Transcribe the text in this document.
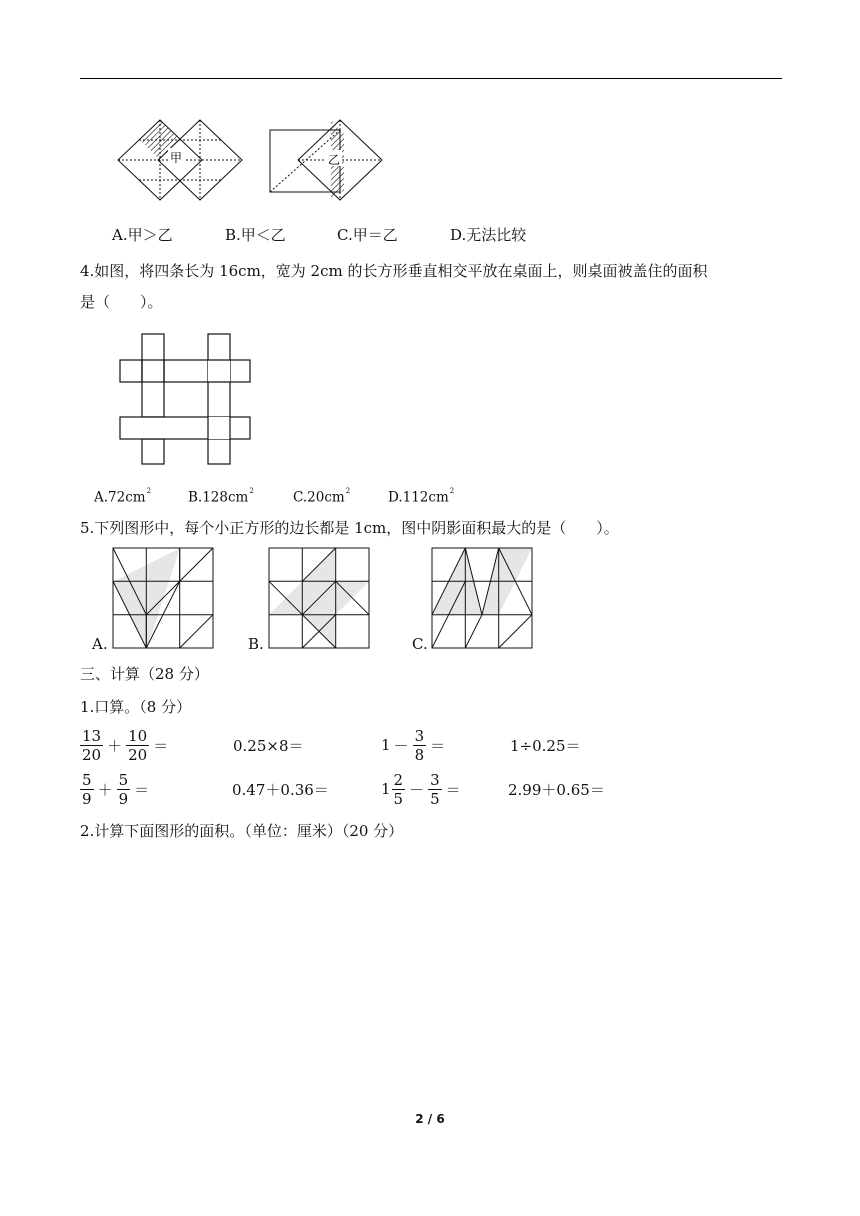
甲	乙
A.甲＞乙	B.甲＜乙	C.甲＝乙	D.无法比较
4.如图，将四条长为 16cm，宽为 2cm 的长方形垂直相交平放在桌面上，则桌面被盖住的面积
是（　　）。
$A.72cm^2$	$B.128cm^2$	$C.20cm^2$	$D.112cm^2$
5.下列图形中，每个小正方形的边长都是 1cm，图中阴影面积最大的是（　　）。
A.	B.	C.
三、计算（28 分）
1.口算。（8 分）
$\frac{13}{20} + \frac{10}{20}$ ＝	0.25×8＝	$1 - \frac{3}{8}$ ＝	1÷0.25＝
$\frac{5}{9} + \frac{5}{9}$ ＝	0.47＋0.36＝	$1 \frac{2}{5} - \frac{3}{5}$ ＝	2.99＋0.65＝
2.计算下面图形的面积。（单位：厘米）（20 分）
2 / 6
